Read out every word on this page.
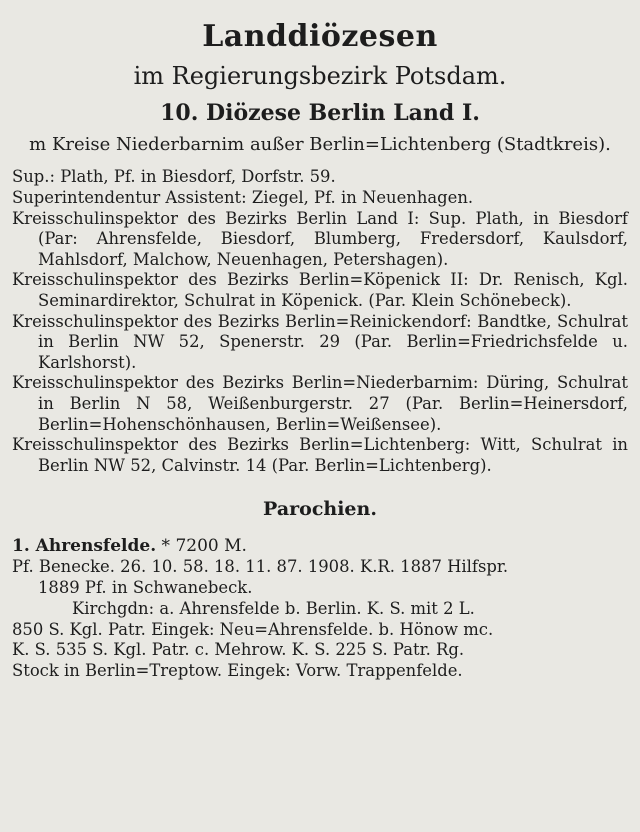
Landdiözesen
im Regierungsbezirk Potsdam.
10. Diözese Berlin Land I.
m Kreise Niederbarnim außer Berlin=Lichtenberg (Stadtkreis).

Sup.: Plath, Pf. in Biesdorf, Dorfstr. 59.

Superintendentur Assistent: Ziegel, Pf. in Neuenhagen.

Kreisschulinspektor des Bezirks Berlin Land I: Sup. Plath, in Biesdorf (Par: Ahrensfelde, Biesdorf, Blumberg, Fredersdorf, Kaulsdorf, Mahlsdorf, Malchow, Neuenhagen, Petershagen).

Kreisschulinspektor des Bezirks Berlin=Köpenick II: Dr. Renisch, Kgl. Seminardirektor, Schulrat in Köpenick. (Par. Klein Schönebeck).

Kreisschulinspektor des Bezirks Berlin=Reinickendorf: Bandtke, Schulrat in Berlin NW 52, Spenerstr. 29 (Par. Berlin=Friedrichsfelde u. Karlshorst).

Kreisschulinspektor des Bezirks Berlin=Niederbarnim: Düring, Schulrat in Berlin N 58, Weißenburgerstr. 27 (Par. Berlin=Heinersdorf, Berlin=Hohenschönhausen, Berlin=Weißensee).

Kreisschulinspektor des Bezirks Berlin=Lichtenberg: Witt, Schulrat in Berlin NW 52, Calvinstr. 14 (Par. Berlin=Lichtenberg).

Parochien.

1. Ahrensfelde. * 7200 M.

Pf. Benecke. 26. 10. 58. 18. 11. 87. 1908. K.R. 1887 Hilfspr.

1889 Pf. in Schwanebeck.

Kirchgdn: a. Ahrensfelde b. Berlin. K. S. mit 2 L.

850 S. Kgl. Patr. Eingek: Neu=Ahrensfelde. b. Hönow mc.

K. S. 535 S. Kgl. Patr. c. Mehrow. K. S. 225 S. Patr. Rg.

Stock in Berlin=Treptow. Eingek: Vorw. Trappenfelde.
